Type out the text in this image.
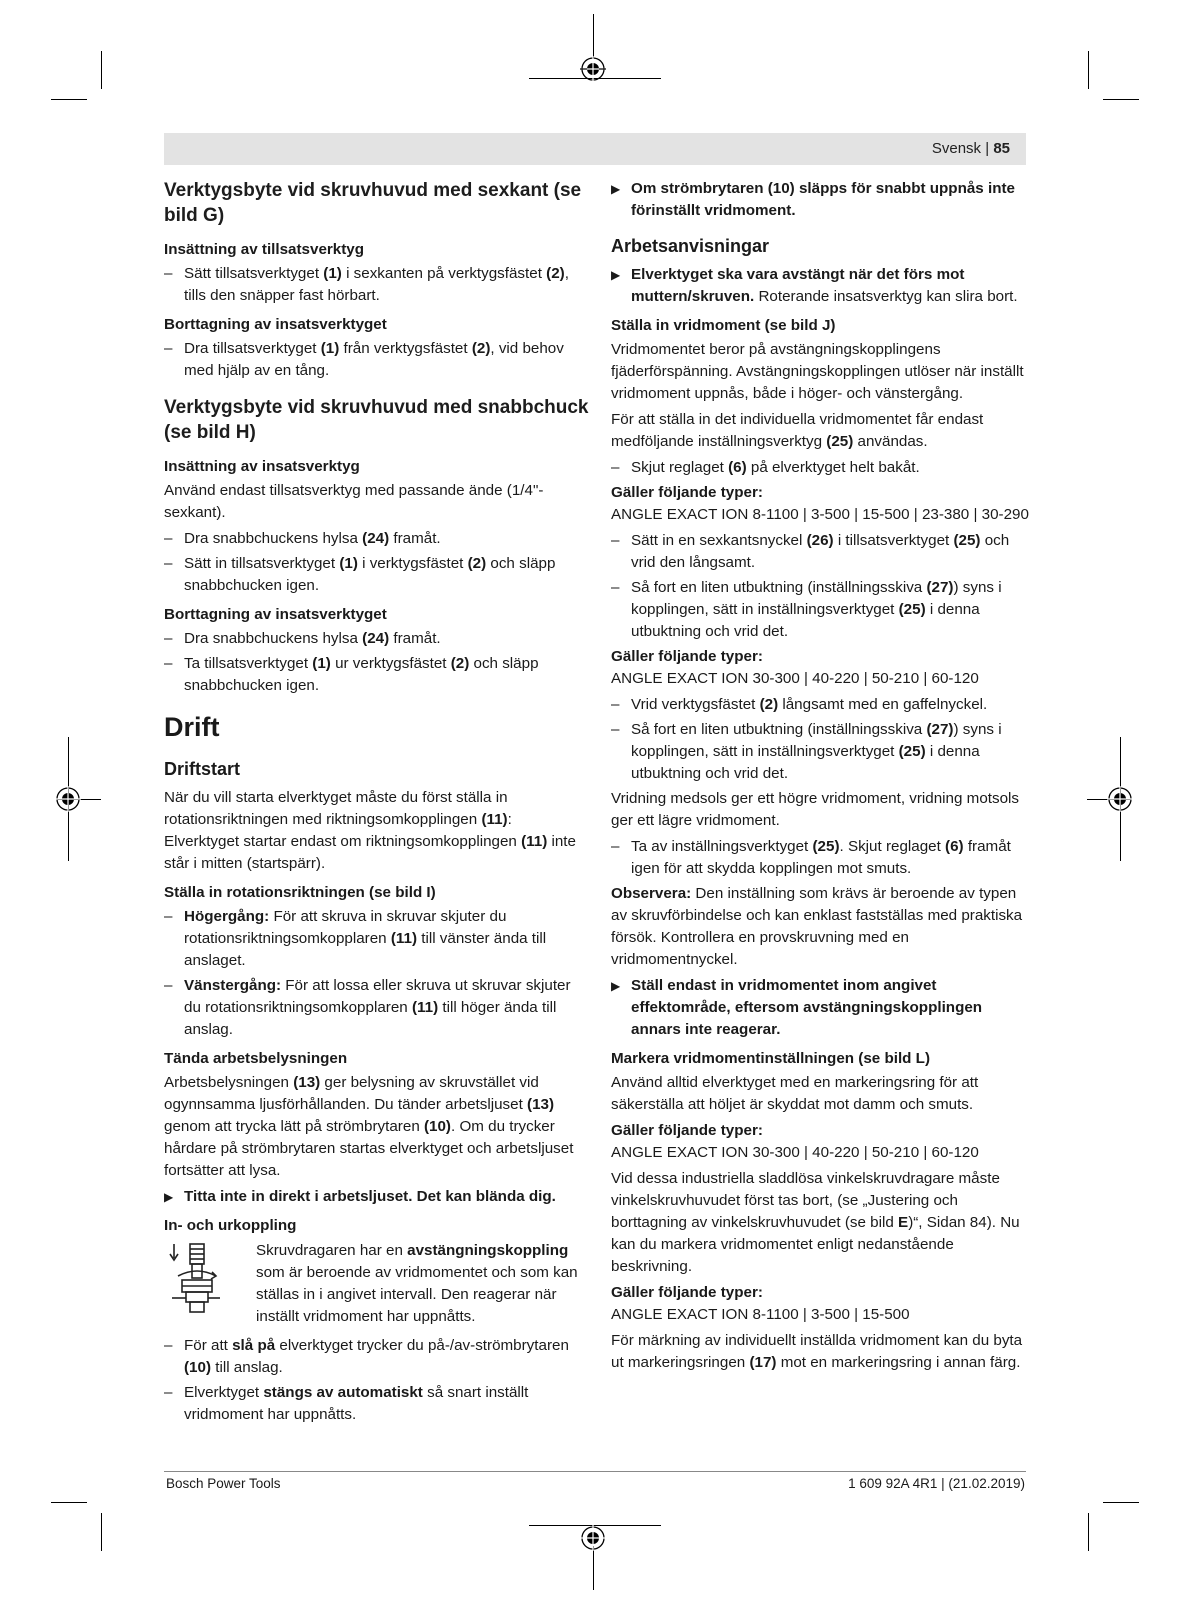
Svensk | 85
Verktygsbyte vid skruvhuvud med sexkant (se bild G)
Insättning av tillsatsverktyg
– Sätt tillsatsverktyget (1) i sexkanten på verktygsfästet (2), tills den snäpper fast hörbart.
Borttagning av insatsverktyget
– Dra tillsatsverktyget (1) från verktygsfästet (2), vid behov med hjälp av en tång.
Verktygsbyte vid skruvhuvud med snabbchuck (se bild H)
Insättning av insatsverktyg

Använd endast tillsatsverktyg med passande ände (1/4"-sexkant).

– Dra snabbchuckens hylsa (24) framåt.
– Sätt in tillsatsverktyget (1) i verktygsfästet (2) och släpp snabbchucken igen.
Borttagning av insatsverktyget
– Dra snabbchuckens hylsa (24) framåt.
– Ta tillsatsverktyget (1) ur verktygsfästet (2) och släpp snabbchucken igen.
Drift
Driftstart

När du vill starta elverktyget måste du först ställa in rotationsriktningen med riktningsomkopplingen (11): Elverktyget startar endast om riktningsomkopplingen (11) inte står i mitten (startspärr).

Ställa in rotationsriktningen (se bild I)
– Högergång: För att skruva in skruvar skjuter du rotationsriktningsomkopplaren (11) till vänster ända till anslaget.
– Vänstergång: För att lossa eller skruva ut skruvar skjuter du rotationsriktningsomkopplaren (11) till höger ända till anslag.
Tända arbetsbelysningen

Arbetsbelysningen (13) ger belysning av skruvstället vid ogynnsamma ljusförhållanden. Du tänder arbetsljuset (13) genom att trycka lätt på strömbrytaren (10). Om du trycker hårdare på strömbrytaren startas elverktyget och arbetsljuset fortsätter att lysa.

▶ Titta inte in direkt i arbetsljuset. Det kan blända dig.
In- och urkoppling
Skruvdragaren har en avstängningskoppling som är beroende av vridmomentet och som kan ställas in i angivet intervall. Den reagerar när inställt vridmoment har uppnåtts.
– För att slå på elverktyget trycker du på-/av-strömbrytaren (10) till anslag.
– Elverktyget stängs av automatiskt så snart inställt vridmoment har uppnåtts.
▶ Om strömbrytaren (10) släpps för snabbt uppnås inte förinställt vridmoment.
Arbetsanvisningar
▶ Elverktyget ska vara avstängt när det förs mot muttern/skruven. Roterande insatsverktyg kan slira bort.
Ställa in vridmoment (se bild J)

Vridmomentet beror på avstängningskopplingens fjäderförspänning. Avstängningskopplingen utlöser när inställt vridmoment uppnås, både i höger- och vänstergång.

För att ställa in det individuella vridmomentet får endast medföljande inställningsverktyg (25) användas.

– Skjut reglaget (6) på elverktyget helt bakåt.
Gäller följande typer:

ANGLE EXACT ION 8-1100 | 3-500 | 15-500 | 23-380 | 30-290

– Sätt in en sexkantsnyckel (26) i tillsatsverktyget (25) och vrid den långsamt.
– Så fort en liten utbuktning (inställningsskiva (27)) syns i kopplingen, sätt in inställningsverktyget (25) i denna utbuktning och vrid det.
Gäller följande typer:

ANGLE EXACT ION 30-300 | 40-220 | 50-210 | 60-120

– Vrid verktygsfästet (2) långsamt med en gaffelnyckel.
– Så fort en liten utbuktning (inställningsskiva (27)) syns i kopplingen, sätt in inställningsverktyget (25) i denna utbuktning och vrid det.

Vridning medsols ger ett högre vridmoment, vridning motsols ger ett lägre vridmoment.

– Ta av inställningsverktyget (25). Skjut reglaget (6) framåt igen för att skydda kopplingen mot smuts.

Observera: Den inställning som krävs är beroende av typen av skruvförbindelse och kan enklast fastställas med praktiska försök. Kontrollera en provskruvning med en vridmomentnyckel.

▶ Ställ endast in vridmomentet inom angivet effektområde, eftersom avstängningskopplingen annars inte reagerar.
Markera vridmomentinställningen (se bild L)

Använd alltid elverktyget med en markeringsring för att säkerställa att höljet är skyddat mot damm och smuts.

Gäller följande typer:

ANGLE EXACT ION 30-300 | 40-220 | 50-210 | 60-120

Vid dessa industriella sladdlösa vinkelskruvdragare måste vinkelskruvhuvudet först tas bort, (se „Justering och borttagning av vinkelskruvhuvudet (se bild E)“, Sidan 84). Nu kan du markera vridmomentet enligt nedanstående beskrivning.

Gäller följande typer:

ANGLE EXACT ION 8-1100 | 3-500 | 15-500

För märkning av individuellt inställda vridmoment kan du byta ut markeringsringen (17) mot en markeringsring i annan färg.

Bosch Power Tools	1 609 92A 4R1 | (21.02.2019)
